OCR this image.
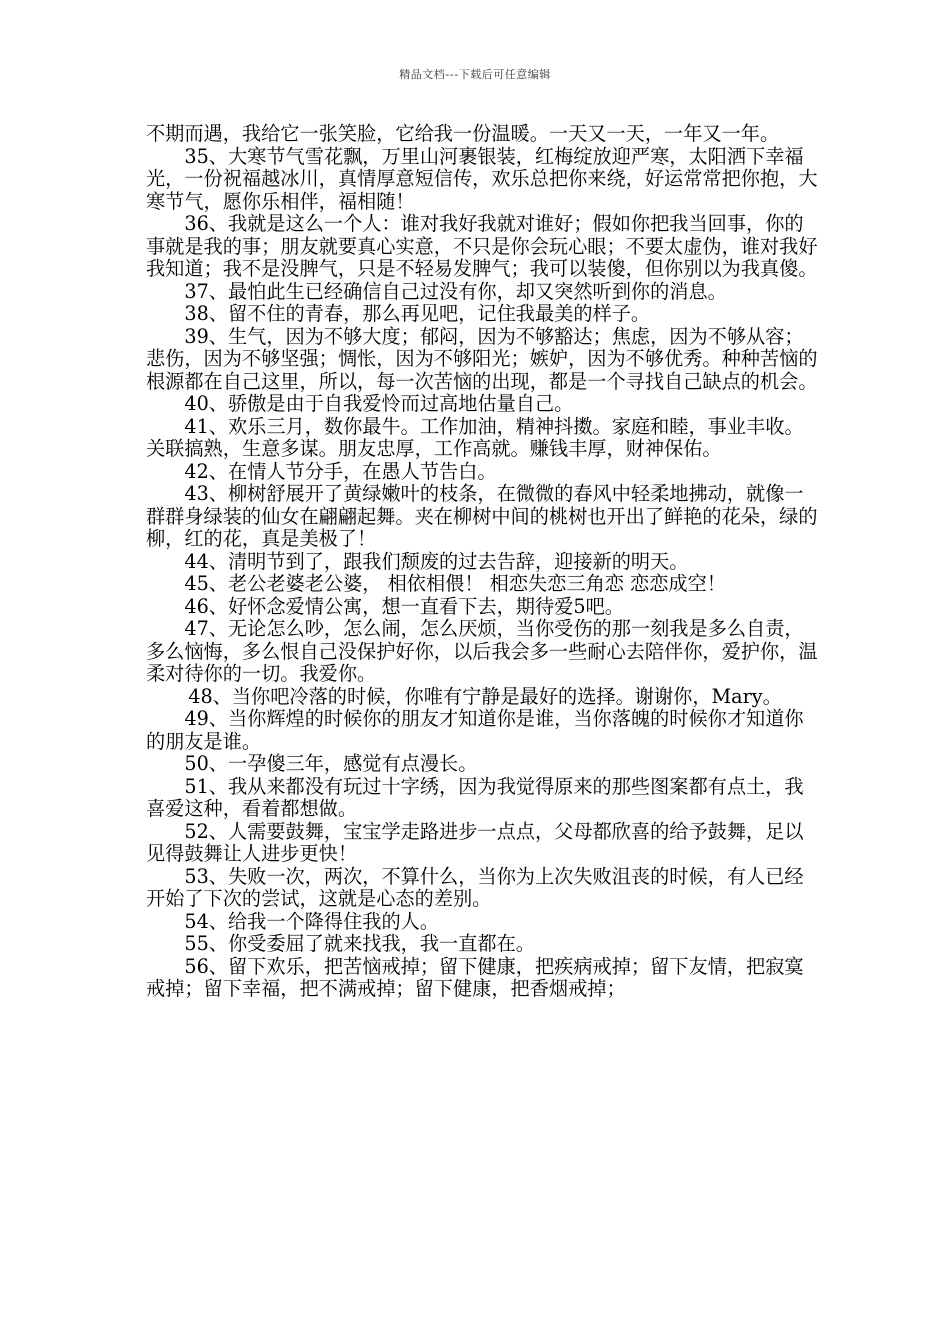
精品文档---下载后可任意编辑

不期而遇，我给它一张笑脸，它给我一份温暖。一天又一天，一年又一年。

35、大寒节气雪花飘，万里山河裹银装，红梅绽放迎严寒，太阳洒下幸福光，一份祝福越冰川，真情厚意短信传，欢乐总把你来绕，好运常常把你抱，大寒节气，愿你乐相伴，福相随！

36、我就是这么一个人：谁对我好我就对谁好；假如你把我当回事，你的事就是我的事；朋友就要真心实意，不只是你会玩心眼；不要太虚伪，谁对我好我知道；我不是没脾气，只是不轻易发脾气；我可以装傻，但你别以为我真傻。

37、最怕此生已经确信自己过没有你，却又突然听到你的消息。

38、留不住的青春，那么再见吧，记住我最美的样子。

39、生气，因为不够大度；郁闷，因为不够豁达；焦虑，因为不够从容；悲伤，因为不够坚强；惆怅，因为不够阳光；嫉妒，因为不够优秀。种种苦恼的根源都在自己这里，所以，每一次苦恼的出现，都是一个寻找自己缺点的机会。

40、骄傲是由于自我爱怜而过高地估量自己。

41、欢乐三月，数你最牛。工作加油，精神抖擞。家庭和睦，事业丰收。关联搞熟，生意多谋。朋友忠厚，工作高就。赚钱丰厚，财神保佑。

42、在情人节分手，在愚人节告白。

43、柳树舒展开了黄绿嫩叶的枝条，在微微的春风中轻柔地拂动，就像一群群身绿装的仙女在翩翩起舞。夹在柳树中间的桃树也开出了鲜艳的花朵，绿的柳，红的花，真是美极了！

44、清明节到了，跟我们颓废的过去告辞，迎接新的明天。

45、老公老婆老公婆， 相依相偎！ 相恋失恋三角恋 恋恋成空！

46、好怀念爱情公寓，想一直看下去，期待爱5吧。

47、无论怎么吵，怎么闹，怎么厌烦，当你受伤的那一刻我是多么自责，多么恼悔，多么恨自己没保护好你，以后我会多一些耐心去陪伴你，爱护你，温柔对待你的一切。我爱你。

48、当你吧冷落的时候，你唯有宁静是最好的选择。谢谢你，Mary。

49、当你辉煌的时候你的朋友才知道你是谁，当你落魄的时候你才知道你的朋友是谁。

50、一孕傻三年，感觉有点漫长。

51、我从来都没有玩过十字绣，因为我觉得原来的那些图案都有点土，我喜爱这种，看着都想做。

52、人需要鼓舞，宝宝学走路进步一点点，父母都欣喜的给予鼓舞，足以见得鼓舞让人进步更快！

53、失败一次，两次，不算什么，当你为上次失败沮丧的时候，有人已经开始了下次的尝试，这就是心态的差别。

54、给我一个降得住我的人。

55、你受委屈了就来找我，我一直都在。

56、留下欢乐，把苦恼戒掉；留下健康，把疾病戒掉；留下友情，把寂寞戒掉；留下幸福，把不满戒掉；留下健康，把香烟戒掉；
